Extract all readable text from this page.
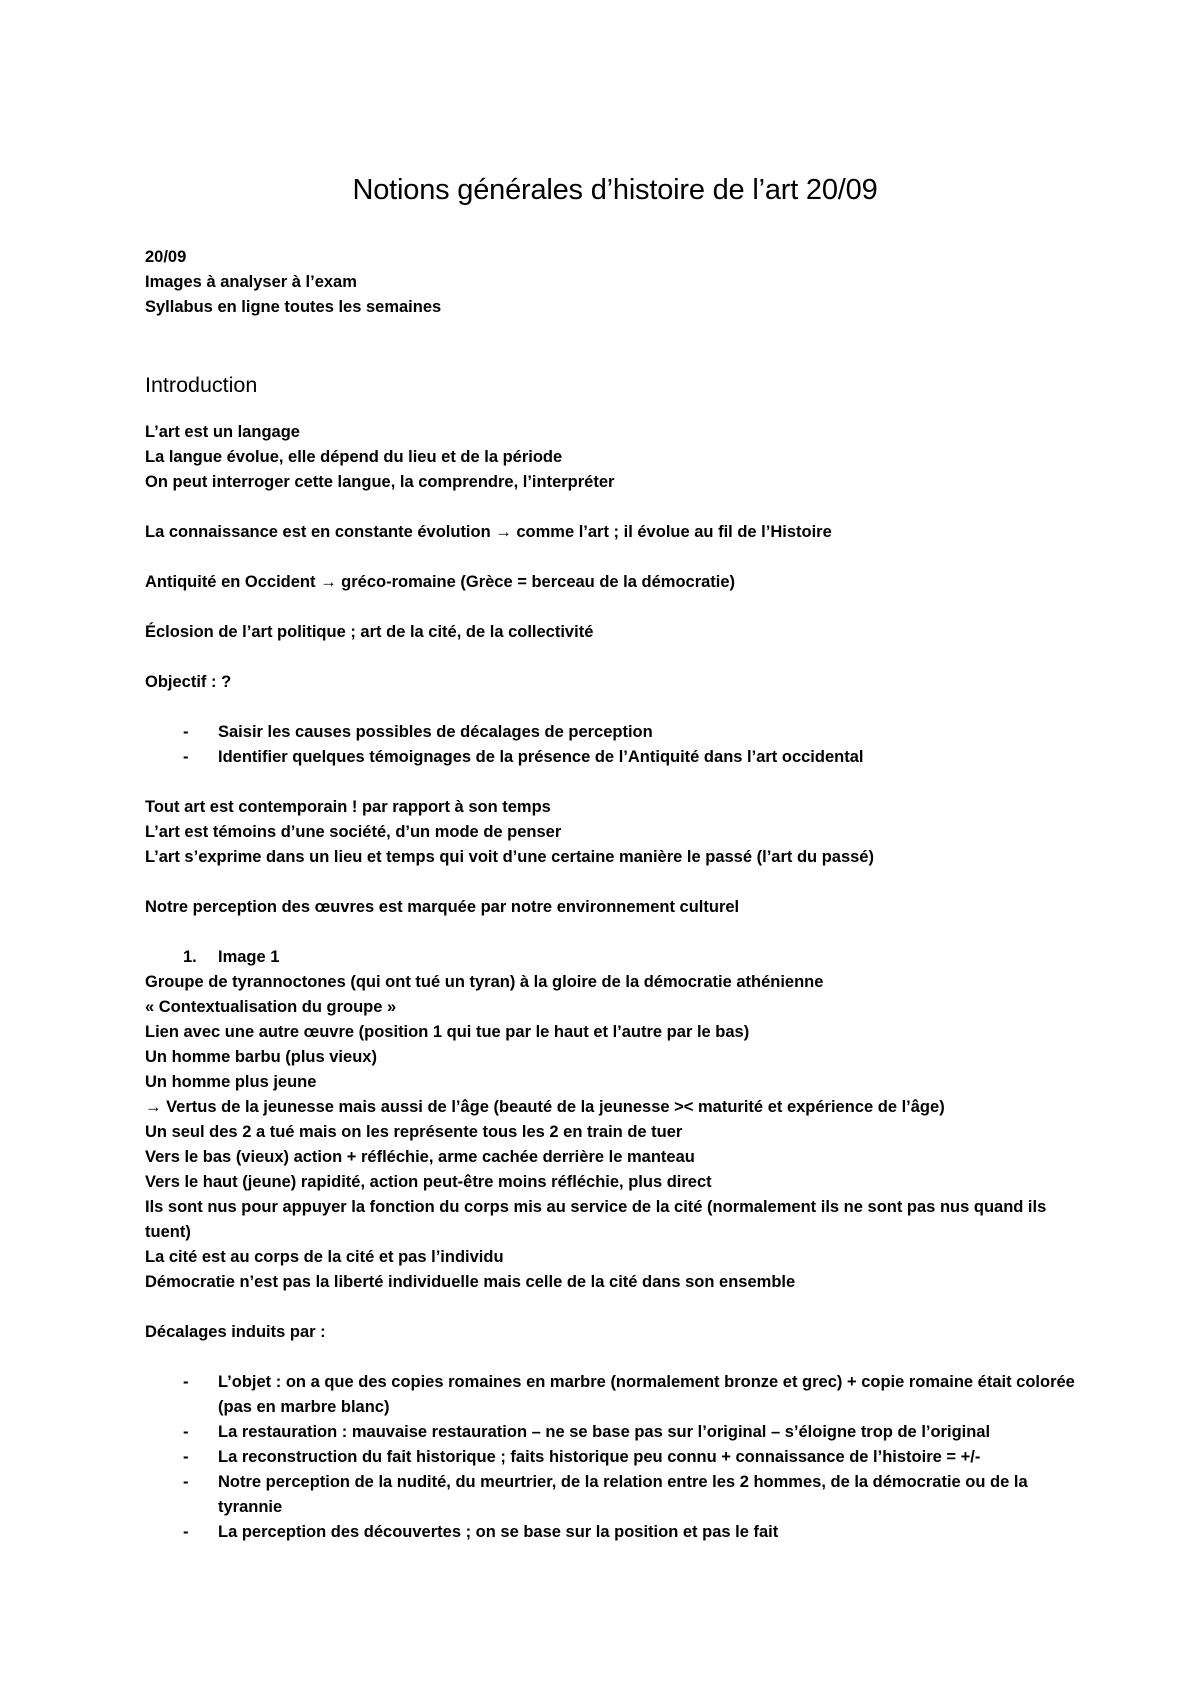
Notions générales d’histoire de l’art 20/09

20/09

Images à analyser à l’exam

Syllabus en ligne toutes les semaines

Introduction

L’art est un langage

La langue évolue, elle dépend du lieu et de la période

On peut interroger cette langue, la comprendre, l’interpréter

La connaissance est en constante évolution → comme l’art ; il évolue au fil de l’Histoire

Antiquité en Occident → gréco-romaine (Grèce = berceau de la démocratie)

Éclosion de l’art politique ; art de la cité, de la collectivité

Objectif : ?

- Saisir les causes possibles de décalages de perception
- Identifier quelques témoignages de la présence de l’Antiquité dans l’art occidental

Tout art est contemporain ! par rapport à son temps

L’art est témoins d’une société, d’un mode de penser

L’art s’exprime dans un lieu et temps qui voit d’une certaine manière le passé (l’art du passé)

Notre perception des œuvres est marquée par notre environnement culturel

1. Image 1

Groupe de tyrannoctones (qui ont tué un tyran) à la gloire de la démocratie athénienne

« Contextualisation du groupe »

Lien avec une autre œuvre (position 1 qui tue par le haut et l’autre par le bas)

Un homme barbu (plus vieux)

Un homme plus jeune

→ Vertus de la jeunesse mais aussi de l’âge (beauté de la jeunesse >< maturité et expérience de l’âge)

Un seul des 2 a tué mais on les représente tous les 2 en train de tuer

Vers le bas (vieux) action + réfléchie, arme cachée derrière le manteau

Vers le haut (jeune) rapidité, action peut-être moins réfléchie, plus direct

Ils sont nus pour appuyer la fonction du corps mis au service de la cité (normalement ils ne sont pas nus quand ils tuent)

La cité est au corps de la cité et pas l’individu

Démocratie n’est pas la liberté individuelle mais celle de la cité dans son ensemble

Décalages induits par :

- L’objet : on a que des copies romaines en marbre (normalement bronze et grec) + copie romaine était colorée (pas en marbre blanc)
- La restauration : mauvaise restauration – ne se base pas sur l’original – s’éloigne trop de l’original
- La reconstruction du fait historique ; faits historique peu connu + connaissance de l’histoire = +/-
- Notre perception de la nudité, du meurtrier, de la relation entre les 2 hommes, de la démocratie ou de la tyrannie
- La perception des découvertes ; on se base sur la position et pas le fait
